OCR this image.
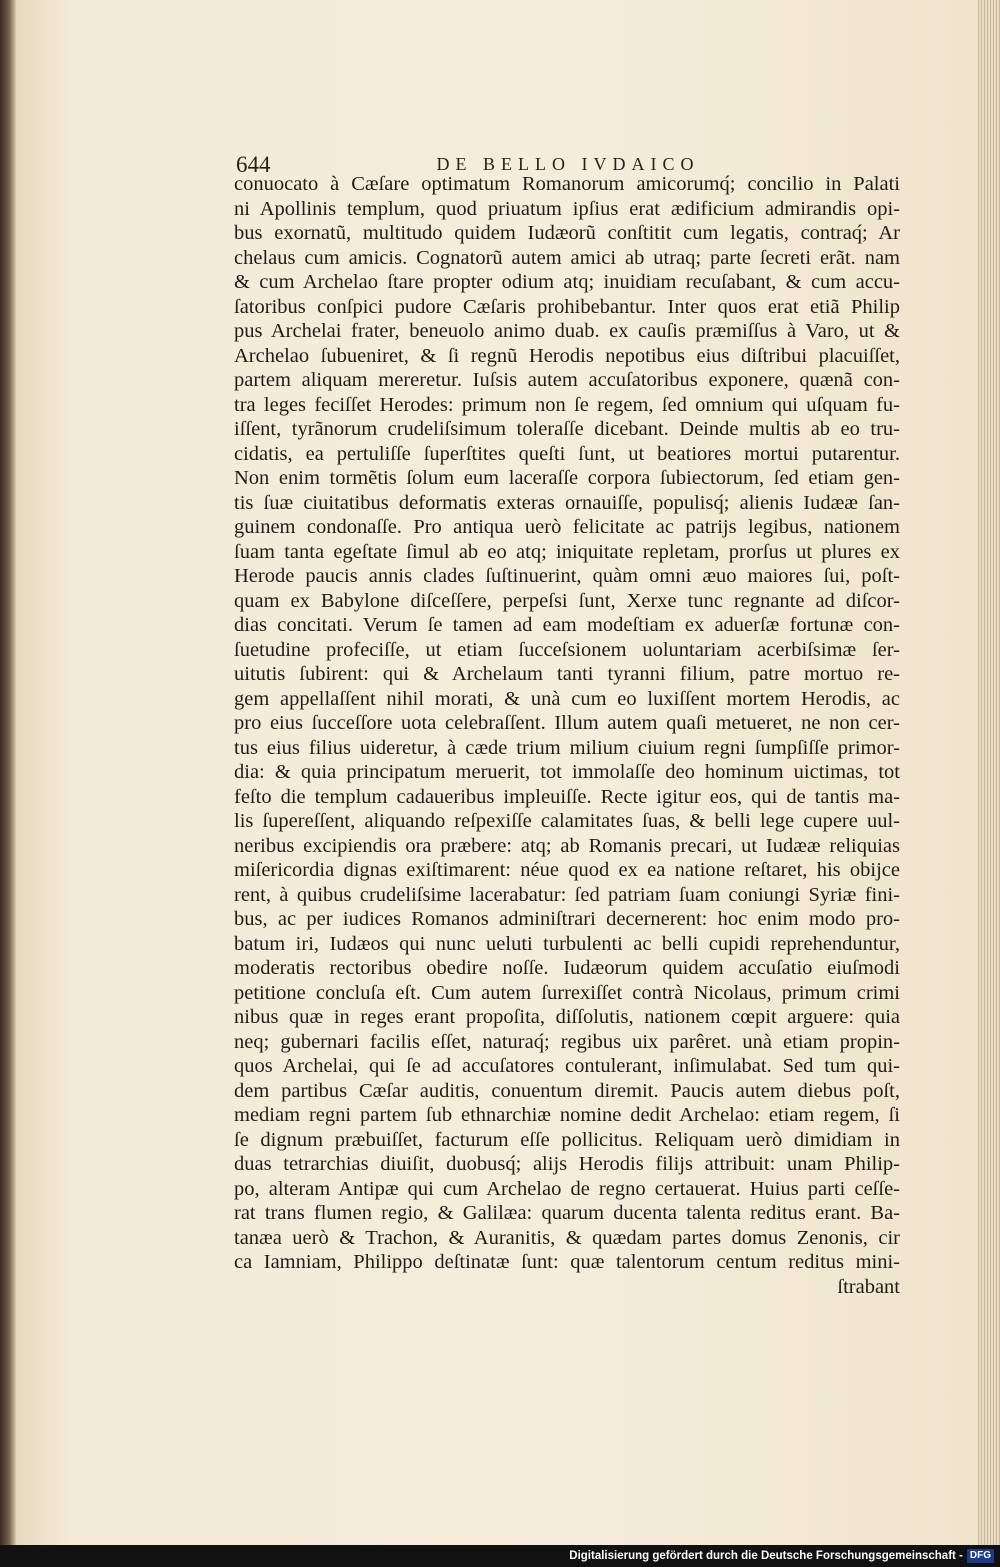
644	DE BELLO IVDAICO
conuocato à Cæſare optimatum Romanorum amicorumq́; concilio in Palati
ni Apollinis templum, quod priuatum ipſius erat ædificium admirandis opi-
bus exornatũ, multitudo quidem Iudæorũ conſtitit cum legatis, contraq́; Ar
chelaus cum amicis. Cognatorũ autem amici ab utraq; parte ſecreti erãt. nam
& cum Archelao ſtare propter odium atq; inuidiam recuſabant, & cum accu-
ſatoribus conſpici pudore Cæſaris prohibebantur. Inter quos erat etiã Philip
pus Archelai frater, beneuolo animo duab. ex cauſis præmiſſus à Varo, ut &
Archelao ſubueniret, & ſi regnũ Herodis nepotibus eius diſtribui placuiſſet,
partem aliquam mereretur. Iuſsis autem accuſatoribus exponere, quænã con-
tra leges feciſſet Herodes: primum non ſe regem, ſed omnium qui uſquam fu-
iſſent, tyrãnorum crudeliſsimum toleraſſe dicebant. Deinde multis ab eo tru-
cidatis, ea pertuliſſe ſuperſtites queſti ſunt, ut beatiores mortui putarentur.
Non enim tormẽtis ſolum eum laceraſſe corpora ſubiectorum, ſed etiam gen-
tis ſuæ ciuitatibus deformatis exteras ornauiſſe, populisq́; alienis Iudææ ſan-
guinem condonaſſe. Pro antiqua uerò felicitate ac patrijs legibus, nationem
ſuam tanta egeſtate ſimul ab eo atq; iniquitate repletam, prorſus ut plures ex
Herode paucis annis clades ſuſtinuerint, quàm omni æuo maiores ſui, poſt-
quam ex Babylone diſceſſere, perpeſsi ſunt, Xerxe tunc regnante ad diſcor-
dias concitati. Verum ſe tamen ad eam modeſtiam ex aduerſæ fortunæ con-
ſuetudine profeciſſe, ut etiam ſucceſsionem uoluntariam acerbiſsimæ ſer-
uitutis ſubirent: qui & Archelaum tanti tyranni filium, patre mortuo re-
gem appellaſſent nihil morati, & unà cum eo luxiſſent mortem Herodis, ac
pro eius ſucceſſore uota celebraſſent. Illum autem quaſi metueret, ne non cer-
tus eius filius uideretur, à cæde trium milium ciuium regni ſumpſiſſe primor-
dia: & quia principatum meruerit, tot immolaſſe deo hominum uictimas, tot
feſto die templum cadaueribus impleuiſſe. Recte igitur eos, qui de tantis ma-
lis ſupereſſent, aliquando reſpexiſſe calamitates ſuas, & belli lege cupere uul-
neribus excipiendis ora præbere: atq; ab Romanis precari, ut Iudææ reliquias
miſericordia dignas exiſtimarent: néue quod ex ea natione reſtaret, his obijce
rent, à quibus crudeliſsime lacerabatur: ſed patriam ſuam coniungi Syriæ fini-
bus, ac per iudices Romanos adminiſtrari decernerent: hoc enim modo pro-
batum iri, Iudæos qui nunc ueluti turbulenti ac belli cupidi reprehenduntur,
moderatis rectoribus obedire noſſe. Iudæorum quidem accuſatio eiuſmodi
petitione concluſa eſt. Cum autem ſurrexiſſet contrà Nicolaus, primum crimi
nibus quæ in reges erant propoſita, diſſolutis, nationem cœpit arguere: quia
neq; gubernari facilis eſſet, naturaq́; regibus uix parêret. unà etiam propin-
quos Archelai, qui ſe ad accuſatores contulerant, inſimulabat. Sed tum qui-
dem partibus Cæſar auditis, conuentum diremit. Paucis autem diebus poſt,
mediam regni partem ſub ethnarchiæ nomine dedit Archelao: etiam regem, ſi
ſe dignum præbuiſſet, facturum eſſe pollicitus. Reliquam uerò dimidiam in
duas tetrarchias diuiſit, duobusq́; alijs Herodis filijs attribuit: unam Philip-
po, alteram Antipæ qui cum Archelao de regno certauerat. Huius parti ceſſe-
rat trans flumen regio, & Galilæa: quarum ducenta talenta reditus erant. Ba-
tanæa uerò & Trachon, & Auranitis, & quædam partes domus Zenonis, cir
ca Iamniam, Philippo deſtinatæ ſunt: quæ talentorum centum reditus mini-
ſtrabant
Digitalisierung gefördert durch die Deutsche Forschungsgemeinschaft - DFG
